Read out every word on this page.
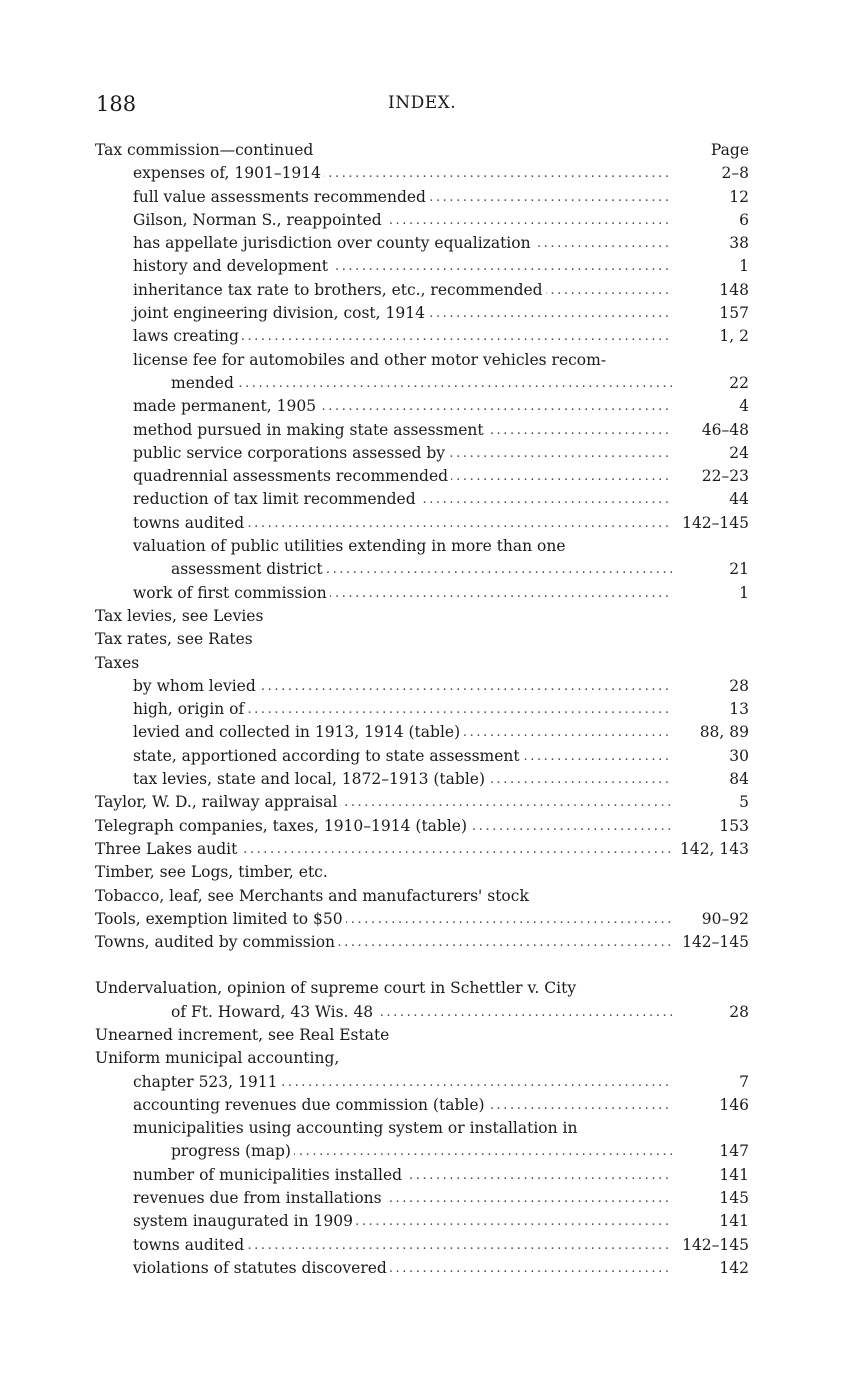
188	INDEX.
Tax commission—continued	Page
.....
expenses of, 1901–1914	2–8
.....
full value assessments recommended	12
.....
Gilson, Norman S., reappointed	6
.....
has appellate jurisdiction over county equalization	38
.....
history and development	1
.....
inheritance tax rate to brothers, etc., recommended	148
.....
joint engineering division, cost, 1914	157
.....
laws creating	1, 2
license fee for automobiles and other motor vehicles recom-
.....
mended	22
.....
made permanent, 1905	4
.....
method pursued in making state assessment	46–48
.....
public service corporations assessed by	24
.....
quadrennial assessments recommended	22–23
.....
reduction of tax limit recommended	44
.....
towns audited	142–145
valuation of public utilities extending in more than one
.....
assessment district	21
.....
work of first commission	1
Tax levies, see Levies
Tax rates, see Rates
Taxes
.....
by whom levied	28
.....
high, origin of	13
.....
levied and collected in 1913, 1914 (table)	88, 89
.....
state, apportioned according to state assessment	30
.....
tax levies, state and local, 1872–1913 (table)	84
.....
Taylor, W. D., railway appraisal	5
.....
Telegraph companies, taxes, 1910–1914 (table)	153
.....
Three Lakes audit	142, 143
Timber, see Logs, timber, etc.
Tobacco, leaf, see Merchants and manufacturers' stock
.....
Tools, exemption limited to $50	90–92
.....
Towns, audited by commission	142–145
Undervaluation, opinion of supreme court in Schettler v. City
.....
of Ft. Howard, 43 Wis. 48	28
Unearned increment, see Real Estate
Uniform municipal accounting,
.....
chapter 523, 1911	7
.....
accounting revenues due commission (table)	146
municipalities using accounting system or installation in
.....
progress (map)	147
.....
number of municipalities installed	141
.....
revenues due from installations	145
.....
system inaugurated in 1909	141
.....
towns audited	142–145
.....
violations of statutes discovered	142
